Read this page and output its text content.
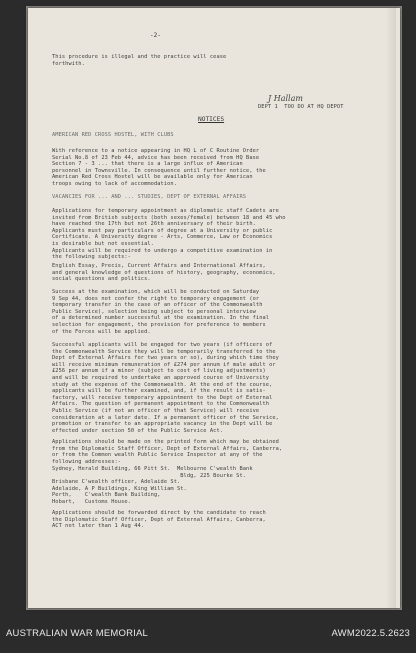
-2-
This procedure is illegal and the practice will cease
forthwith.
J Hallam
DEPT 1  TOO DO AT HQ DEPOT
NOTICES
AMERICAN RED CROSS HOSTEL, WITH CLUBS
With reference to a notice appearing in HQ L of C Routine Order
Serial No.8 of 23 Feb 44, advice has been received from HQ Base
Section 7 - 3 ... that there is a large influx of American
personnel in Townsville. In consequence until further notice, the
American Red Cross Hostel will be available only for American
troops owing to lack of accommodation.
VACANCIES FOR ... AND ... STUDIES, DEPT OF EXTERNAL AFFAIRS
Applications for temporary appointment as diplomatic staff Cadets are
invited from British subjects (both sexes/female) between 18 and 45 who
have reached the 17th but not 26th anniversary of their birth.
Applicants must pay particulars of degree at a University or public
Certificate. A University degree - Arts, Commerce, Law or Economics
is desirable but not essential.
Applicants will be required to undergo a competitive examination in
the following subjects:-
English Essay, Precis, Current Affairs and International Affairs,
and general knowledge of questions of history, geography, economics,
social questions and politics.
Success at the examination, which will be conducted on Saturday
9 Sep 44, does not confer the right to temporary engagement (or
temporary transfer in the case of an officer of the Commonwealth
Public Service), selection being subject to personal interview
of a determined number successful at the examination. In the final
selection for engagement, the provision for preference to members
of the Forces will be applied.
Successful applicants will be engaged for two years (if officers of
the Commonwealth Service they will be temporarily transferred to the
Dept of External Affairs for two years or so), during which time they
will receive minimum remuneration of £274 per annum if male adult or
£256 per annum if a minor (subject to cost of living adjustments)
and will be required to undertake an approved course of University
study at the expense of the Commonwealth. At the end of the course,
applicants will be further examined, and, if the result is satis-
factory, will receive temporary appointment to the Dept of External
Affairs. The question of permanent appointment to the Commonwealth
Public Service (if not an officer of that Service) will receive
consideration at a later date. If a permanent officer of the Service,
promotion or transfer to an appropriate vacancy in the Dept will be
effected under section 50 of the Public Service Act.
Applications should be made on the printed form which may be obtained
from the Diplomatic Staff Officer, Dept of External Affairs, Canberra,
or from the Common wealth Public Service Inspector at any of the
following addresses:-
Sydney, Herald Building, 66 Pitt St.  Melbourne C'wealth Bank
Bldg, 225 Bourke St.
Brisbane C'wealth officer, Adelaide St.
Adelaide, A P Buildings, King William St.
Perth,    C'wealth Bank Building,
Hobart,   Customs House.
Applications should be forwarded direct by the candidate to reach
the Diplomatic Staff Officer, Dept of External Affairs, Canberra,
ACT not later than 1 Aug 44.
AUSTRALIAN WAR MEMORIAL	AWM2022.5.2623
